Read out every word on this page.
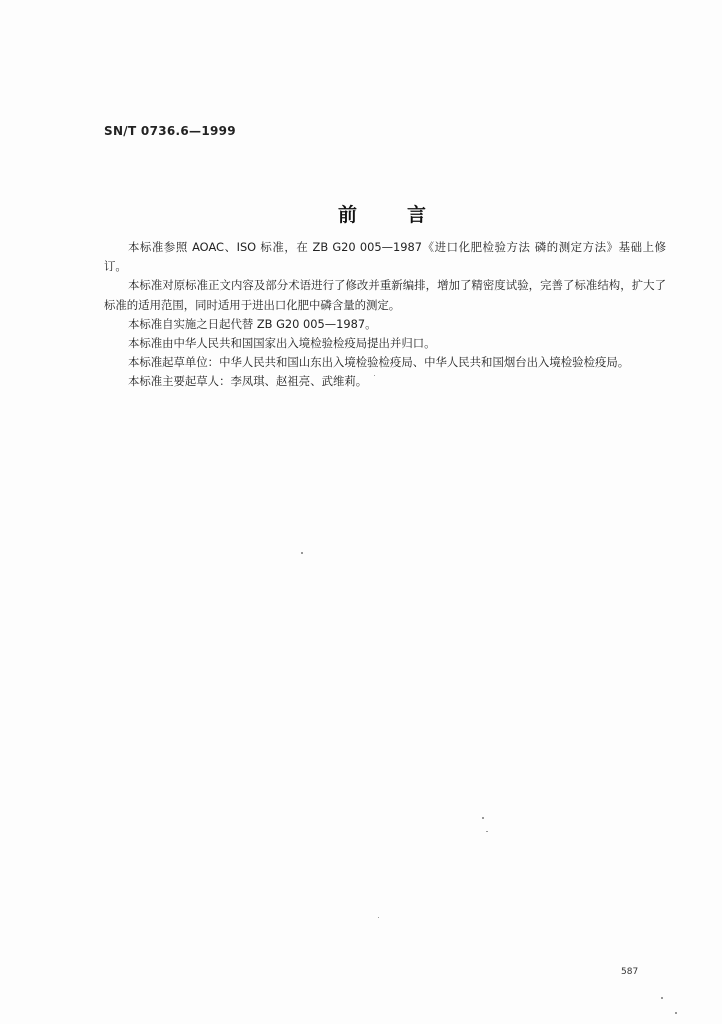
SN/T 0736.6—1999
前言

本标准参照 AOAC、ISO 标准，在 ZB G20 005—1987《进口化肥检验方法 磷的测定方法》基础上修订。

本标准对原标准正文内容及部分术语进行了修改并重新编排，增加了精密度试验，完善了标准结构，扩大了标准的适用范围，同时适用于进出口化肥中磷含量的测定。

本标准自实施之日起代替 ZB G20 005—1987。

本标准由中华人民共和国国家出入境检验检疫局提出并归口。

本标准起草单位：中华人民共和国山东出入境检验检疫局、中华人民共和国烟台出入境检验检疫局。

本标准主要起草人：李凤琪、赵祖亮、武维莉。

587
